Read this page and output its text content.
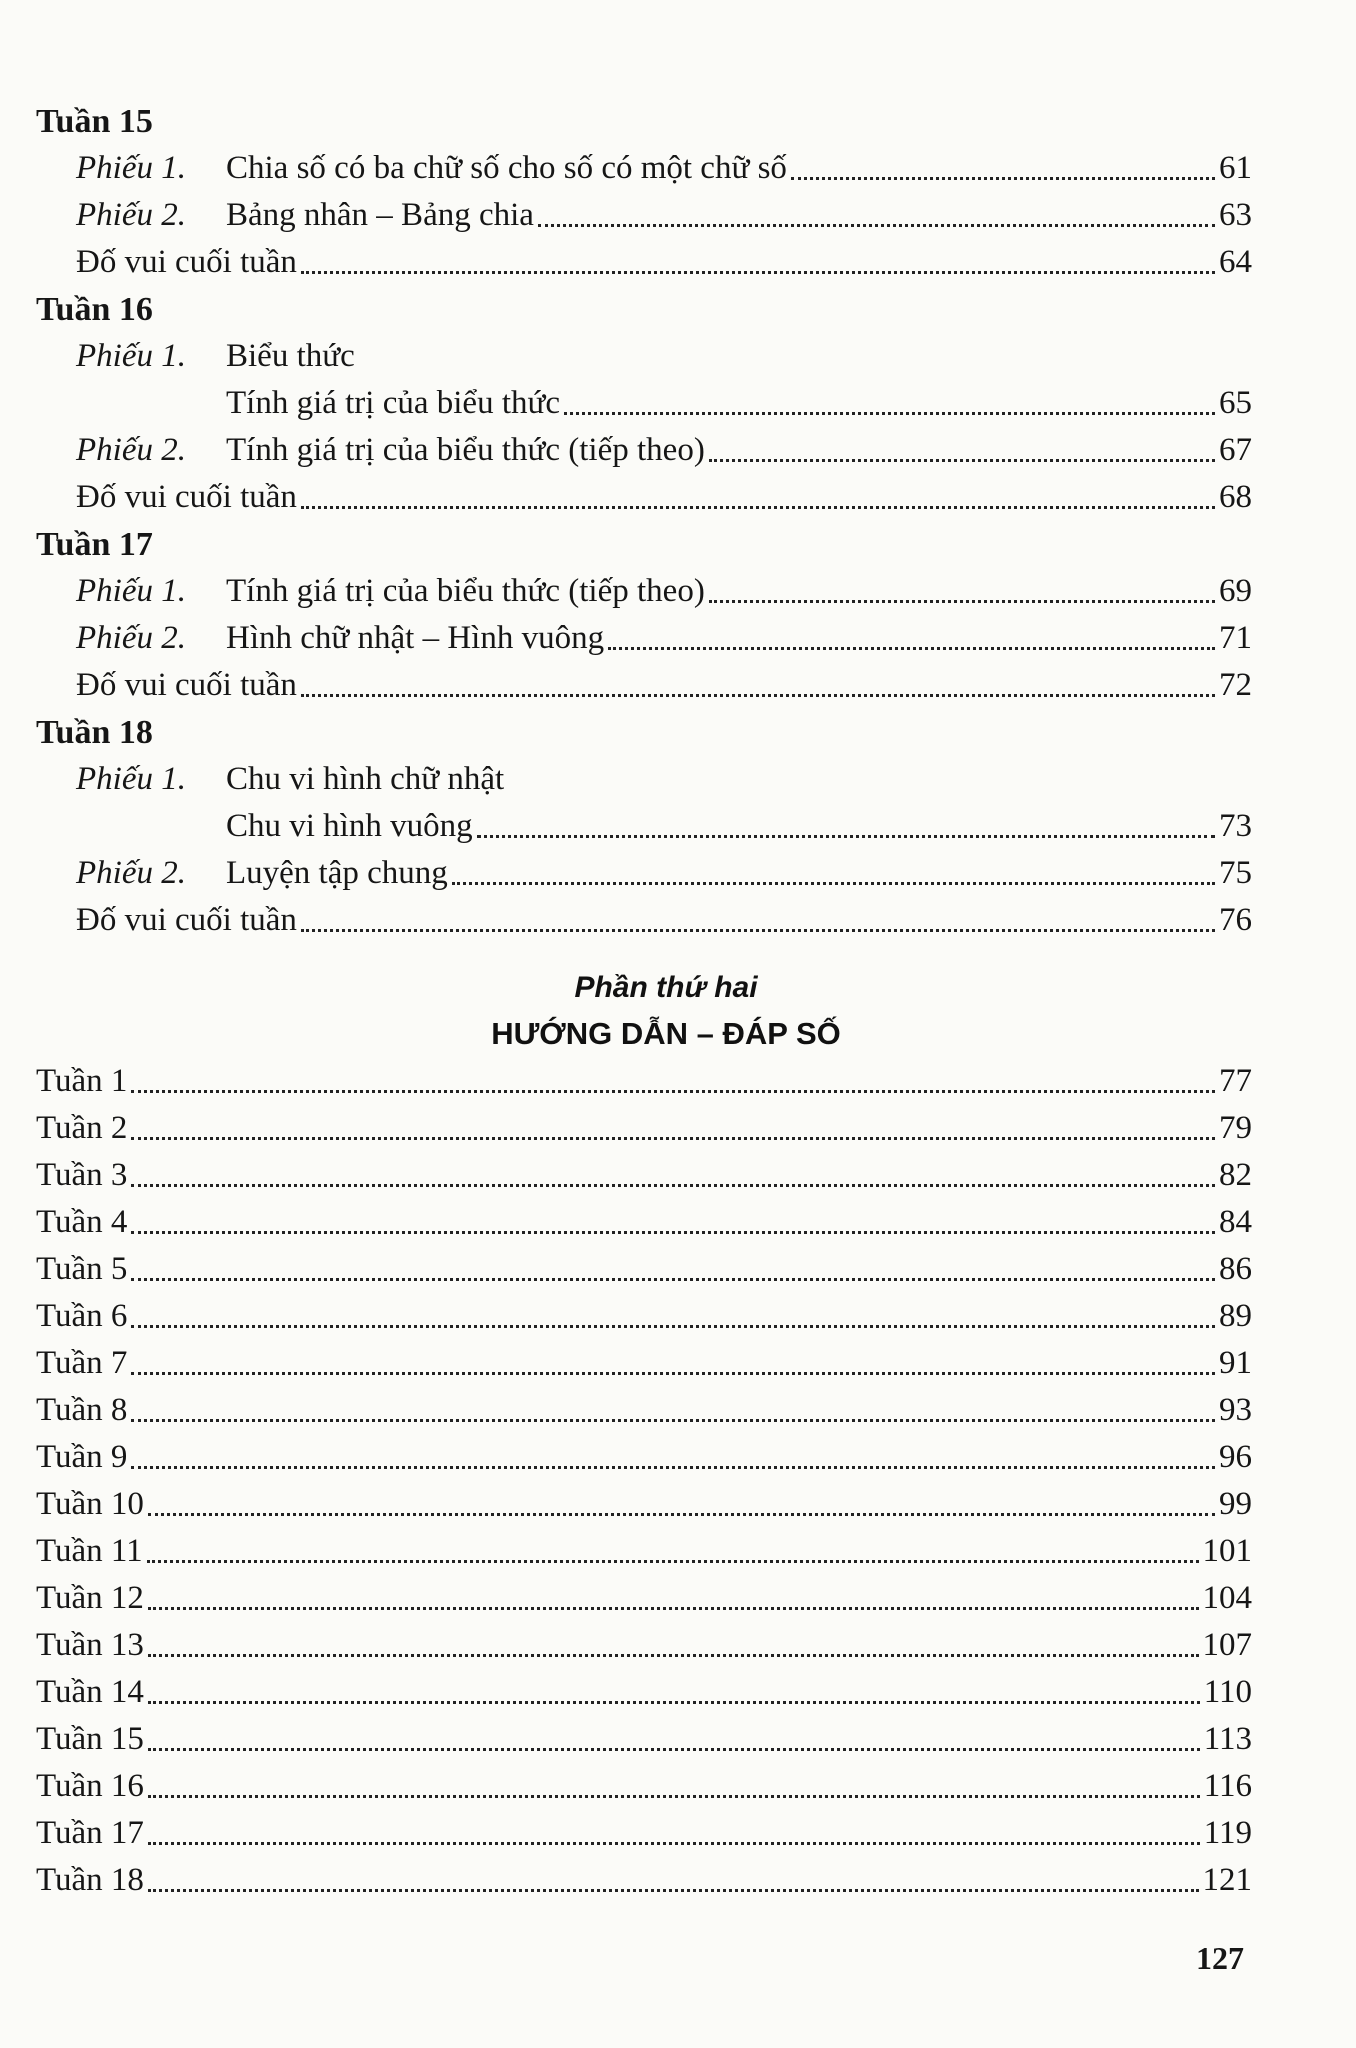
Tuần 15
Phiếu 1. Chia số có ba chữ số cho số có một chữ số	61
Phiếu 2. Bảng nhân – Bảng chia	63
Đố vui cuối tuần	64
Tuần 16
Phiếu 1. Biểu thức
Tính giá trị của biểu thức	65
Phiếu 2. Tính giá trị của biểu thức (tiếp theo)	67
Đố vui cuối tuần	68
Tuần 17
Phiếu 1. Tính giá trị của biểu thức (tiếp theo)	69
Phiếu 2. Hình chữ nhật – Hình vuông	71
Đố vui cuối tuần	72
Tuần 18
Phiếu 1. Chu vi hình chữ nhật
Chu vi hình vuông	73
Phiếu 2. Luyện tập chung	75
Đố vui cuối tuần	76
Phần thứ hai
HƯỚNG DẪN – ĐÁP SỐ
Tuần 1	77
Tuần 2	79
Tuần 3	82
Tuần 4	84
Tuần 5	86
Tuần 6	89
Tuần 7	91
Tuần 8	93
Tuần 9	96
Tuần 10	99
Tuần 11	101
Tuần 12	104
Tuần 13	107
Tuần 14	110
Tuần 15	113
Tuần 16	116
Tuần 17	119
Tuần 18	121
127
